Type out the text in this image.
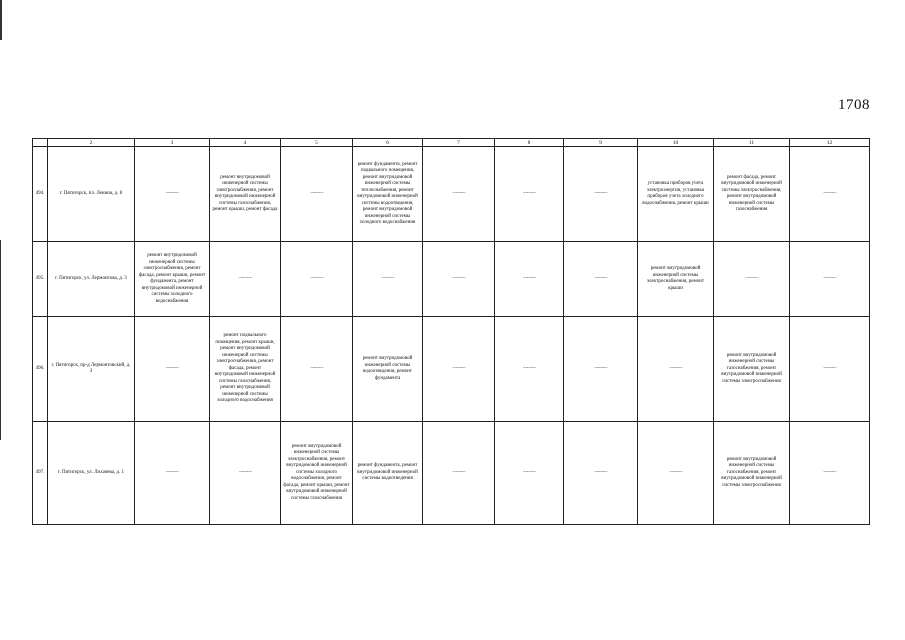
1708
	2	3	4	5	6	7	8	9	10	11	12
494.	г. Пятигорск, пл. Ленина, д. 8	———	ремонт внутридомовой инженерной системы электроснабжения, ремонт внутридомовой инженерной системы газоснабжения, ремонт крыши, ремонт фасада	———	ремонт фундамента, ремонт подвального помещения, ремонт внутридомовой инженерной системы теплоснабжения, ремонт внутридомовой инженерной системы водоотведения, ремонт внутридомовой инженерной системы холодного водоснабжения	———	———	———	установка приборов учета электроэнергии, установка приборов учета холодного водоснабжения, ремонт крыши	ремонт фасада, ремонт внутридомовой инженерной системы электроснабжения, ремонт внутридомовой инженерной системы газоснабжения	———
495.	г. Пятигорск, ул. Лермонтова, д. 3	ремонт внутридомовой инженерной системы электроснабжения, ремонт фасада, ремонт крыши, ремонт фундамента, ремонт внутридомовой инженерной системы холодного водоснабжения	———	———	———	———	———	———	ремонт внутридомовой инженерной системы электроснабжения, ремонт крыши	———	———
496.	г. Пятигорск, пр-д Лермонтовский, д. 3	———	ремонт подвального помещения, ремонт крыши, ремонт внутридомовой инженерной системы электроснабжения, ремонт фасада, ремонт внутридомовой инженерной системы газоснабжения, ремонт внутридомовой инженерной системы холодного водоснабжения	———	ремонт внутридомовой инженерной системы водоотведения, ремонт фундамента	———	———	———	———	ремонт внутридомовой инженерной системы газоснабжения, ремонт внутридомовой инженерной системы электроснабжения	———
497.	г. Пятигорск, ул. Лихачева, д. 1	———	———	ремонт внутридомовой инженерной системы электроснабжения, ремонт внутридомовой инженерной системы холодного водоснабжения, ремонт фасада, ремонт крыши, ремонт внутридомовой инженерной системы газоснабжения	ремонт фундамента, ремонт внутридомовой инженерной системы водоотведения	———	———	———	———	ремонт внутридомовой инженерной системы газоснабжения, ремонт внутридомовой инженерной системы электроснабжения	———
